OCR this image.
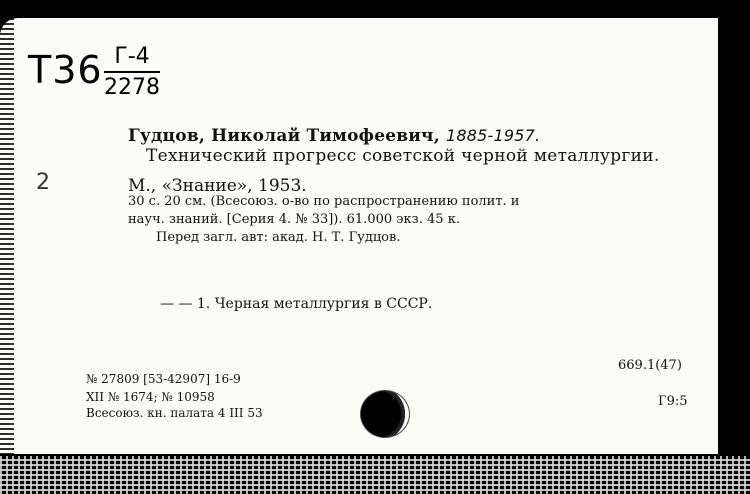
Т36 Г-4
2278
2
Гудцов, Николай Тимофеевич, 1885-1957.
Технический прогресс советской черной металлургии.
М., «Знание», 1953.
30 с. 20 см. (Всесоюз. о-во по распространению полит. и
науч. знаний. [Серия 4. № 33]). 61.000 экз. 45 к.
Перед загл. авт: акад. Н. Т. Гудцов.
— — 1. Черная металлургия в СССР.
669.1(47)
Г9:5
№ 27809 [53-42907] 16-9
XII № 1674; № 10958
Всесоюз. кн. палата 4 III 53
